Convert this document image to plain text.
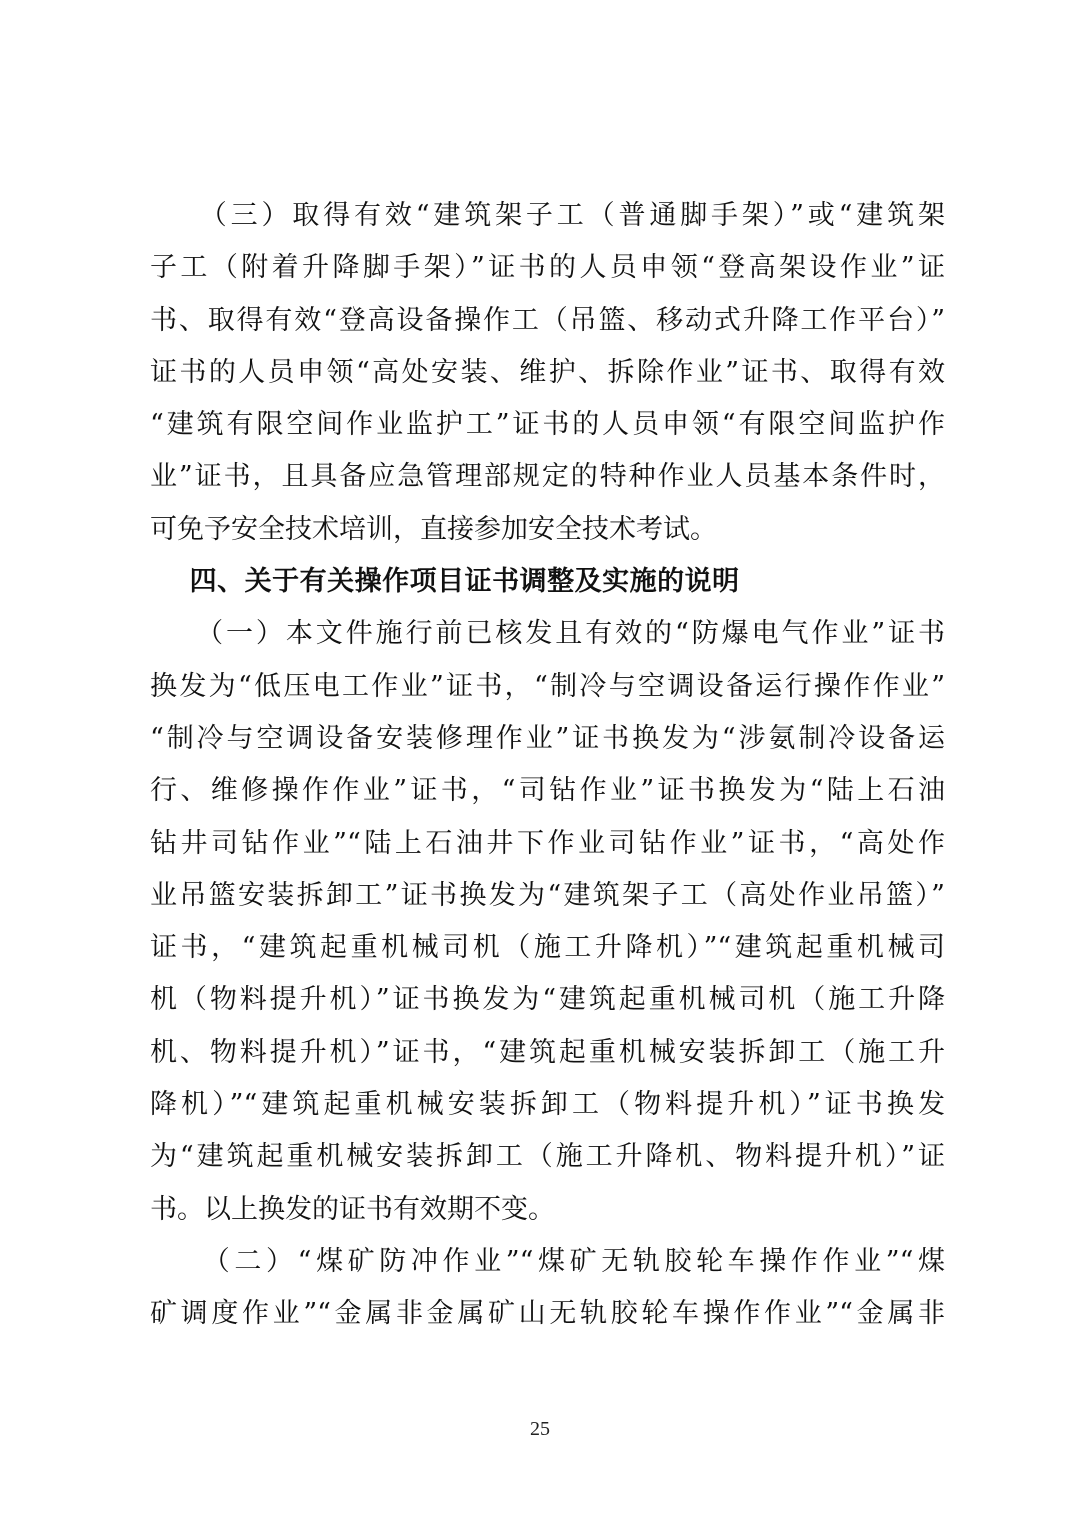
（三）取得有效“建筑架子工（普通脚手架）”或“建筑架
子工（附着升降脚手架）”证书的人员申领“登高架设作业”证
书、取得有效“登高设备操作工（吊篮、移动式升降工作平台）”
证书的人员申领“高处安装、维护、拆除作业”证书、取得有效
“建筑有限空间作业监护工”证书的人员申领“有限空间监护作
业”证书，且具备应急管理部规定的特种作业人员基本条件时，
可免予安全技术培训，直接参加安全技术考试。
四、关于有关操作项目证书调整及实施的说明
（一）本文件施行前已核发且有效的“防爆电气作业”证书
换发为“低压电工作业”证书，“制冷与空调设备运行操作作业”
“制冷与空调设备安装修理作业”证书换发为“涉氨制冷设备运
行、维修操作作业”证书，“司钻作业”证书换发为“陆上石油
钻井司钻作业”“陆上石油井下作业司钻作业”证书，“高处作
业吊篮安装拆卸工”证书换发为“建筑架子工（高处作业吊篮）”
证书，“建筑起重机械司机（施工升降机）”“建筑起重机械司
机（物料提升机）”证书换发为“建筑起重机械司机（施工升降
机、物料提升机）”证书，“建筑起重机械安装拆卸工（施工升
降机）”“建筑起重机械安装拆卸工（物料提升机）”证书换发
为“建筑起重机械安装拆卸工（施工升降机、物料提升机）”证
书。以上换发的证书有效期不变。
（二）“煤矿防冲作业”“煤矿无轨胶轮车操作作业”“煤
矿调度作业”“金属非金属矿山无轨胶轮车操作作业”“金属非
25
